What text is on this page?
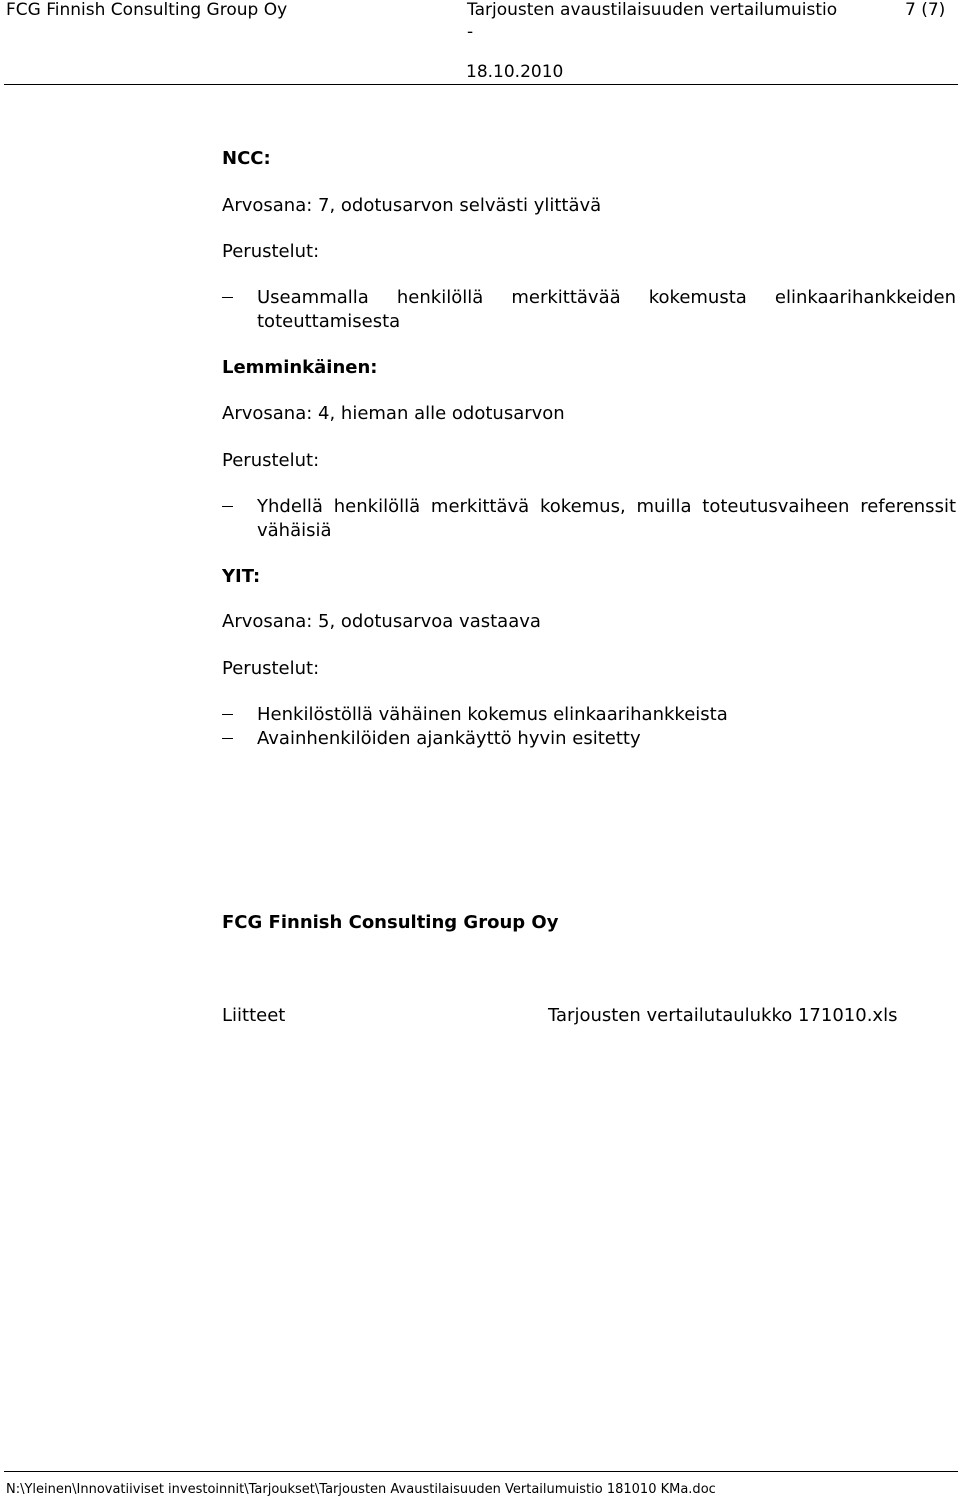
FCG Finnish Consulting Group Oy	Tarjousten avaustilaisuuden vertailumuistio
-
7 (7)
18.10.2010
NCC:
Arvosana: 7, odotusarvon selvästi ylittävä
Perustelut:
Useammalla henkilöllä merkittävää kokemusta elinkaarihankkeiden toteuttamisesta
Lemminkäinen:
Arvosana: 4, hieman alle odotusarvon
Perustelut:
Yhdellä henkilöllä merkittävä kokemus, muilla toteutusvaiheen referenssit vähäisiä
YIT:
Arvosana: 5, odotusarvoa vastaava
Perustelut:
Henkilöstöllä vähäinen kokemus elinkaarihankkeista
Avainhenkilöiden ajankäyttö hyvin esitetty
FCG Finnish Consulting Group Oy
Liitteet	Tarjousten vertailutaulukko 171010.xls
N:\Yleinen\Innovatiiviset investoinnit\Tarjoukset\Tarjousten Avaustilaisuuden Vertailumuistio 181010 KMa.doc
